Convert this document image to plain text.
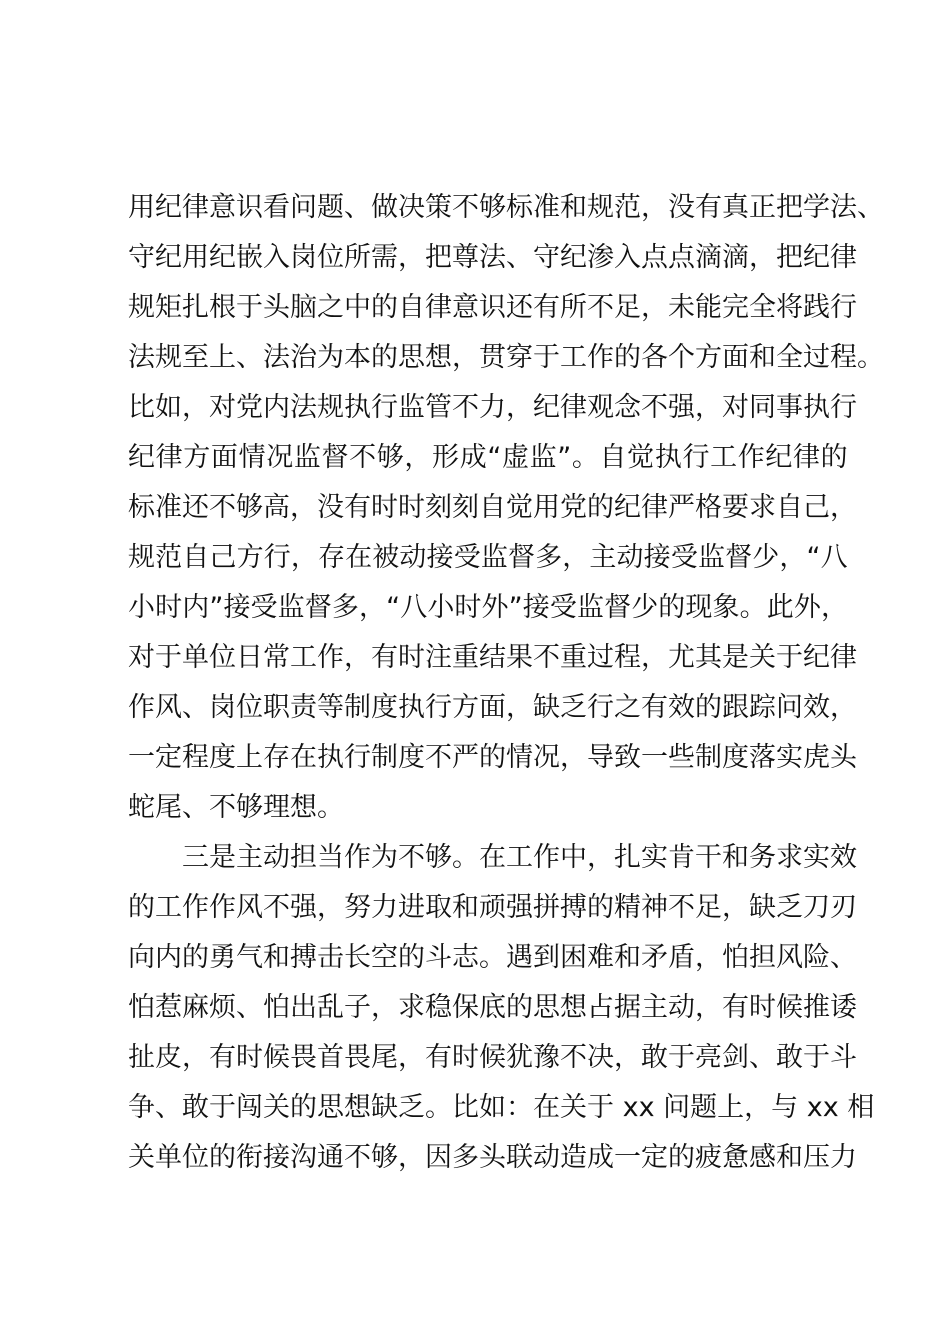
用 纪 律 意 识 看 问 题 、 做 决 策 不 够 标 准 和 规 范 ， 没 有 真 正 把 学 法 、
守 纪 用 纪 嵌 入 岗 位 所 需 ， 把 尊 法 、 守 纪 渗 入 点 点 滴 滴 ， 把 纪 律
规 矩 扎 根 于 头 脑 之 中 的 自 律 意 识 还 有 所 不 足 ， 未 能 完 全 将 践 行
法 规 至 上 、 法 治 为 本 的 思 想 ， 贯 穿 于 工 作 的 各 个 方 面 和 全 过 程 。
比 如 ， 对 党 内 法 规 执 行 监 管 不 力 ， 纪 律 观 念 不 强 ， 对 同 事 执 行
纪 律 方 面 情 况 监 督 不 够 ， 形 成 “ 虚 监 ” 。 自 觉 执 行 工 作 纪 律 的
标 准 还 不 够 高 ， 没 有 时 时 刻 刻 自 觉 用 党 的 纪 律 严 格 要 求 自 己 ，
规 范 自 己 方 行 ， 存 在 被 动 接 受 监 督 多 ， 主 动 接 受 监 督 少 ， “ 八
小 时 内 ” 接 受 监 督 多 ， “ 八 小 时 外 ” 接 受 监 督 少 的 现 象 。 此 外 ，
对 于 单 位 日 常 工 作 ， 有 时 注 重 结 果 不 重 过 程 ， 尤 其 是 关 于 纪 律
作 风 、 岗 位 职 责 等 制 度 执 行 方 面 ， 缺 乏 行 之 有 效 的 跟 踪 问 效 ，
一 定 程 度 上 存 在 执 行 制 度 不 严 的 情 况 ， 导 致 一 些 制 度 落 实 虎 头
蛇尾、不够理想。
三 是 主 动 担 当 作 为 不 够 。 在 工 作 中 ， 扎 实 肯 干 和 务 求 实 效
的 工 作 作 风 不 强 ， 努 力 进 取 和 顽 强 拼 搏 的 精 神 不 足 ， 缺 乏 刀 刃
向 内 的 勇 气 和 搏 击 长 空 的 斗 志 。 遇 到 困 难 和 矛 盾 ， 怕 担 风 险 、
怕 惹 麻 烦 、 怕 出 乱 子 ， 求 稳 保 底 的 思 想 占 据 主 动 ， 有 时 候 推 诿
扯 皮 ， 有 时 候 畏 首 畏 尾 ， 有 时 候 犹 豫 不 决 ， 敢 于 亮 剑 、 敢 于 斗
争 、 敢 于 闯 关 的 思 想 缺 乏 。 比 如 ： 在 关 于
x x
问 题 上 ， 与
x x
相
关 单 位 的 衔 接 沟 通 不 够 ， 因 多 头 联 动 造 成 一 定 的 疲 惫 感 和 压 力
